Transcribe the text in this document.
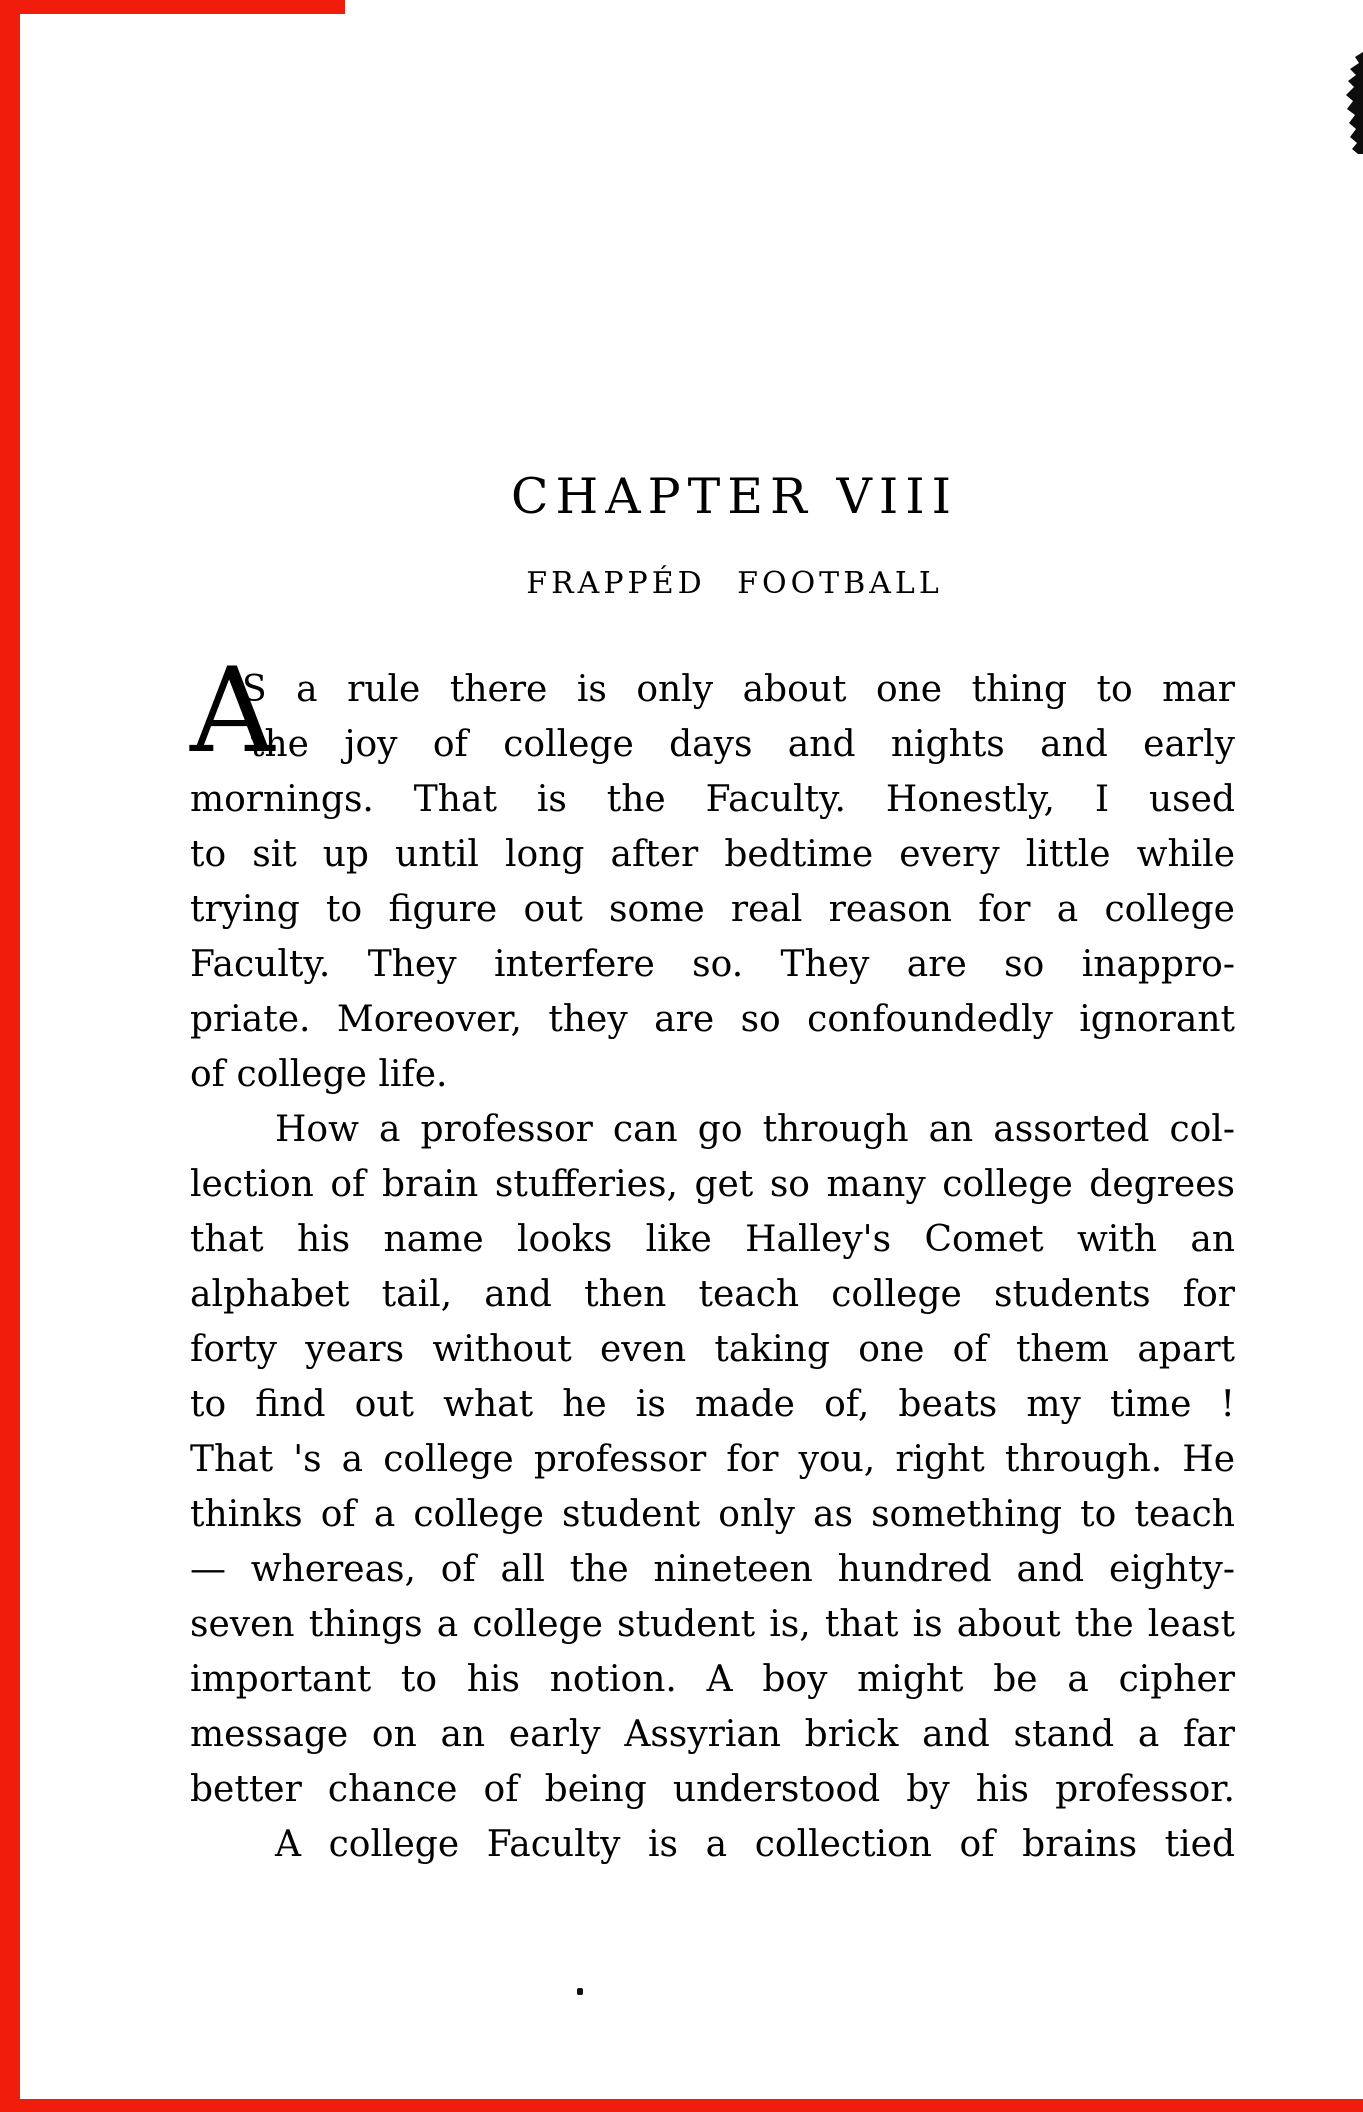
CHAPTER VIII
FRAPPÉD FOOTBALL
A
S a rule there is only about one thing to mar
the joy of college days and nights and early
mornings. That is the Faculty. Honestly, I used
to sit up until long after bedtime every little while
trying to figure out some real reason for a college
Faculty. They interfere so. They are so inappro-
priate. Moreover, they are so confoundedly ignorant
of college life.
How a professor can go through an assorted col-
lection of brain stufferies, get so many college degrees
that his name looks like Halley's Comet with an
alphabet tail, and then teach college students for
forty years without even taking one of them apart
to find out what he is made of, beats my time !
That 's a college professor for you, right through. He
thinks of a college student only as something to teach
— whereas, of all the nineteen hundred and eighty-
seven things a college student is, that is about the least
important to his notion. A boy might be a cipher
message on an early Assyrian brick and stand a far
better chance of being understood by his professor.
A college Faculty is a collection of brains tied
